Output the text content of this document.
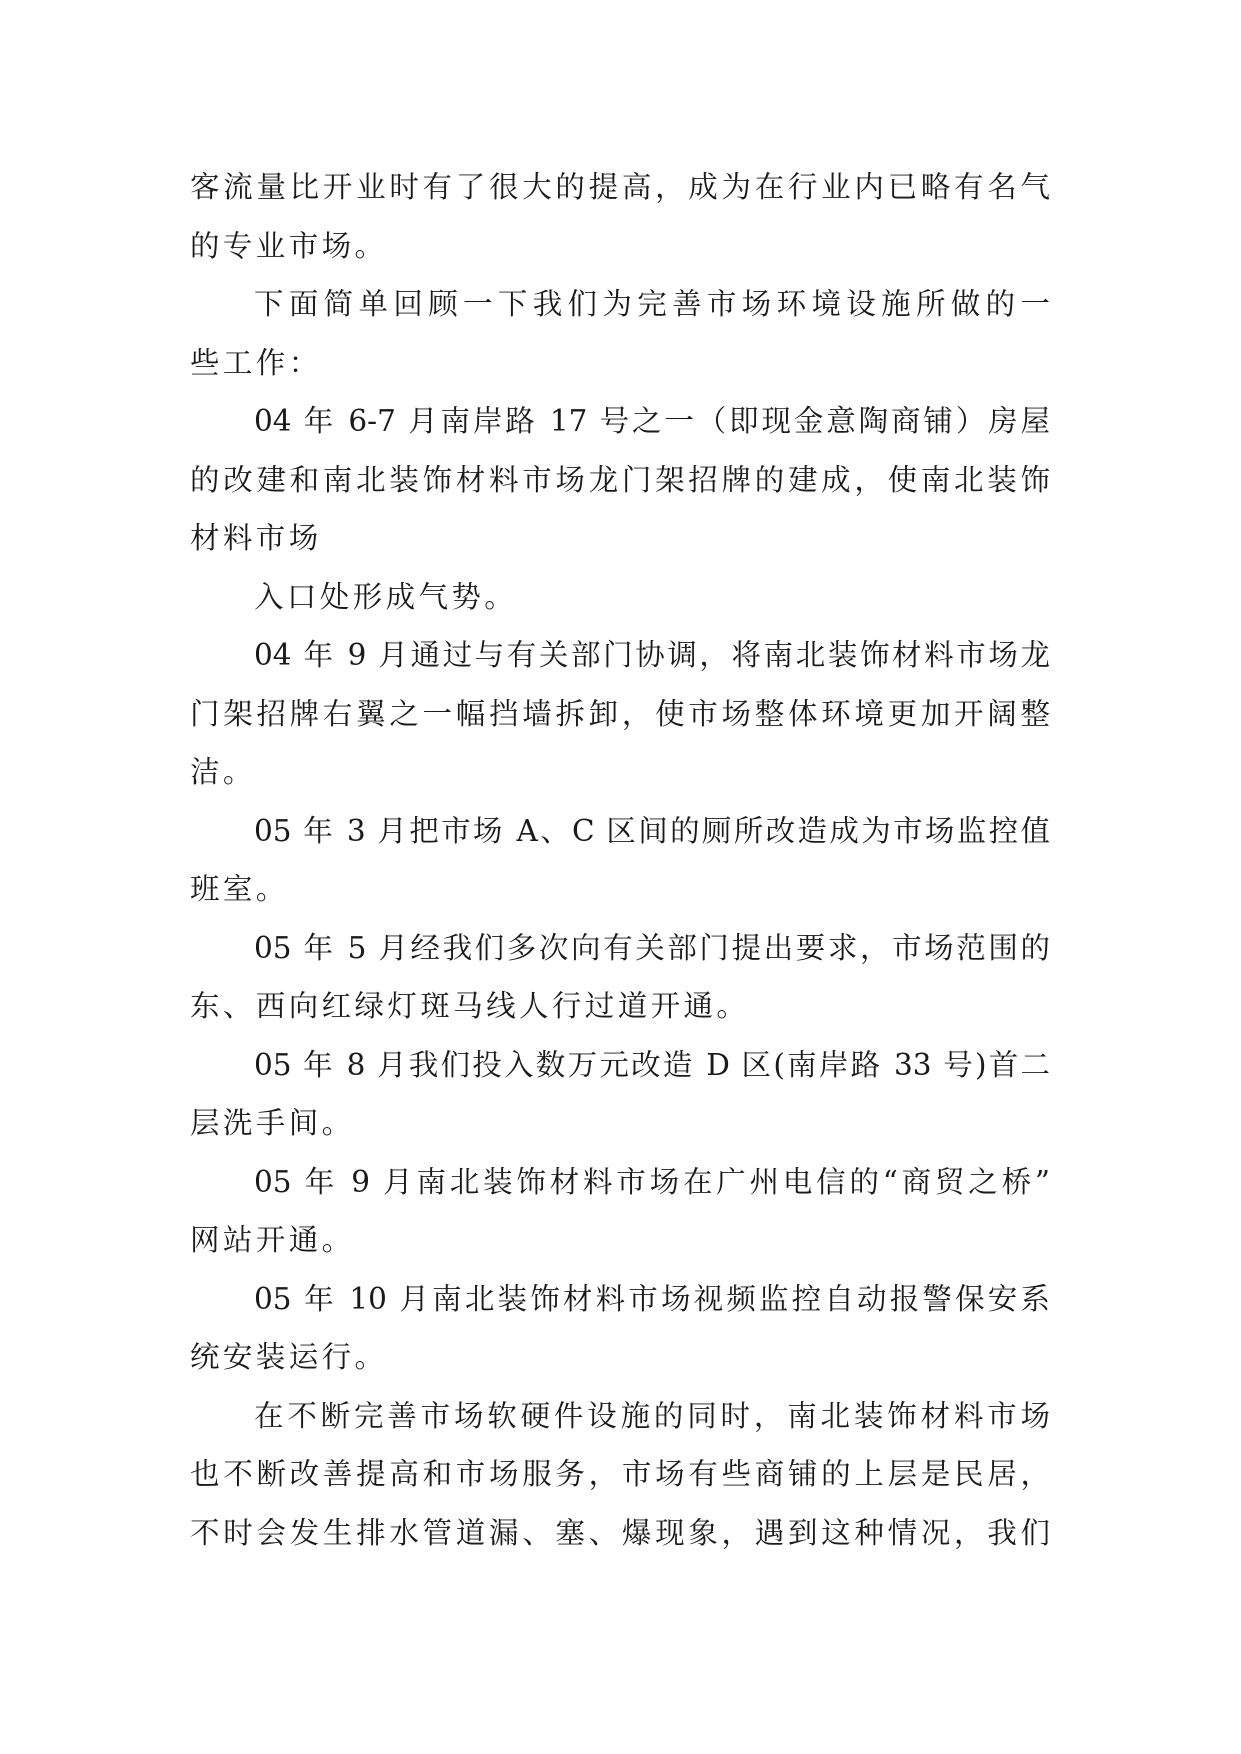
客流量比开业时有了很大的提高，成为在行业内已略有名气
的专业市场。
下面简单回顾一下我们为完善市场环境设施所做的一
些工作：
04 年 6-7 月南岸路 17 号之一（即现金意陶商铺）房屋
的改建和南北装饰材料市场龙门架招牌的建成，使南北装饰
材料市场
入口处形成气势。
04 年 9 月通过与有关部门协调，将南北装饰材料市场龙
门架招牌右翼之一幅挡墙拆卸，使市场整体环境更加开阔整
洁。
05 年 3 月把市场 A、C 区间的厕所改造成为市场监控值
班室。
05 年 5 月经我们多次向有关部门提出要求，市场范围的
东、西向红绿灯斑马线人行过道开通。
05 年 8 月我们投入数万元改造 D 区(南岸路 33 号)首二
层洗手间。
05 年 9 月南北装饰材料市场在广州电信的“商贸之桥”
网站开通。
05 年 10 月南北装饰材料市场视频监控自动报警保安系
统安装运行。
在不断完善市场软硬件设施的同时，南北装饰材料市场
也不断改善提高和市场服务，市场有些商铺的上层是民居，
不时会发生排水管道漏、塞、爆现象，遇到这种情况，我们
